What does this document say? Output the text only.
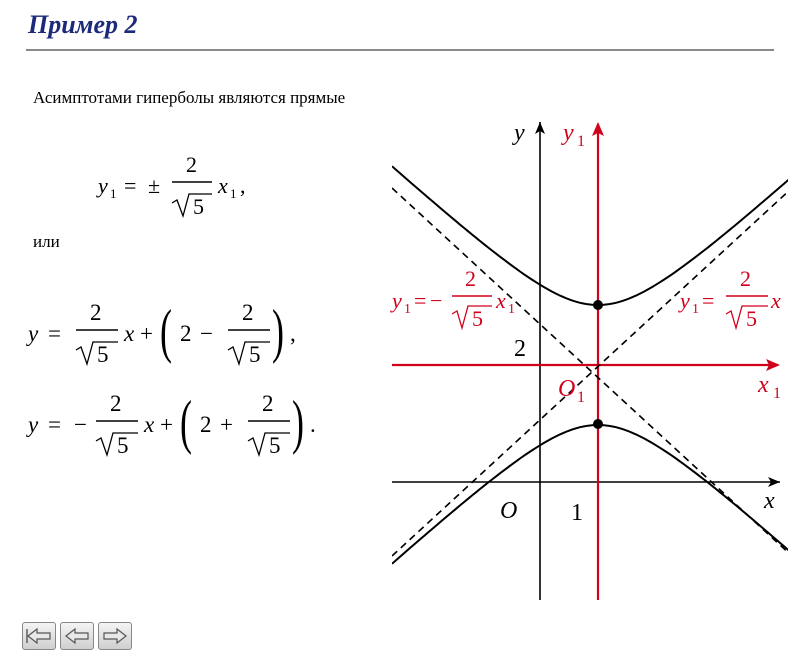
Пример 2
Асимптотами гиперболы являются прямые
или
y 1 = ±
2
5
x 1 ,
y =
2
5
x + ( 2 −
2
5 ) ,
y = −
2
5
x + ( 2 +
2
5 ) .
y y 1
x
x 1
O
O 1
2
1
y 1 = −
2
5
x 1	y 1 =
2
5
x
